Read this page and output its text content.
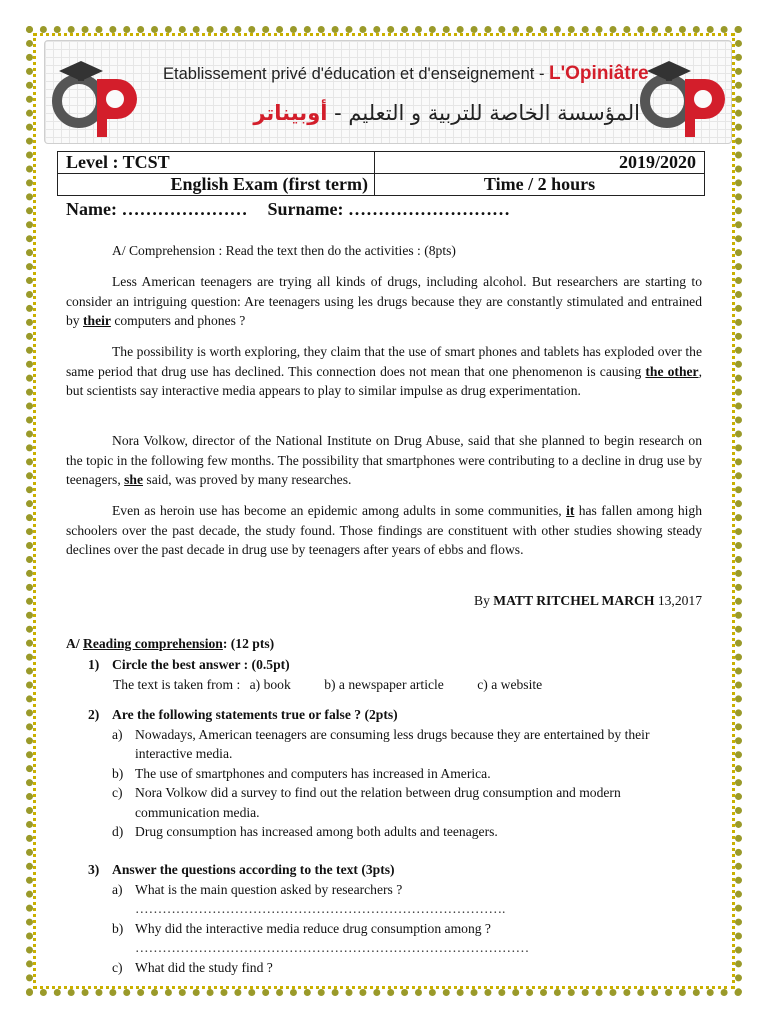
Etablissement privé d'éducation et d'enseignement - L'Opiniâtre
المؤسسة الخاصة للتربية و التعليم - أوبيناتر
Level : TCST	2019/2020
English Exam (first term)	Time / 2 hours
Name: ………………… Surname: ………………………
A/ Comprehension : Read the text then do the activities : (8pts)
Less American teenagers are trying all kinds of drugs, including alcohol. But researchers are starting to consider an intriguing question: Are teenagers using les drugs because they are constantly stimulated and entrained by their computers and phones ?
The possibility is worth exploring, they claim that the use of smart phones and tablets has exploded over the same period that drug use has declined. This connection does not mean that one phenomenon is causing the other, but scientists say interactive media appears to play to similar impulse as drug experimentation.
Nora Volkow, director of the National Institute on Drug Abuse, said that she planned to begin research on the topic in the following few months. The possibility that smartphones were contributing to a decline in drug use by teenagers, she said, was proved by many researches.
Even as heroin use has become an epidemic among adults in some communities, it has fallen among high schoolers over the past decade, the study found. Those findings are constituent with other studies showing steady declines over the past decade in drug use by teenagers after years of ebbs and flows.
By MATT RITCHEL MARCH 13,2017
A/ Reading comprehension: (12 pts)
1) Circle the best answer : (0.5pt)
The text is taken from : a) book b) a newspaper article c) a website
2) Are the following statements true or false ? (2pts)
a) Nowadays, American teenagers are consuming less drugs because they are entertained by their interactive media.
b) The use of smartphones and computers has increased in America.
c) Nora Volkow did a survey to find out the relation between drug consumption and modern communication media.
d) Drug consumption has increased among both adults and teenagers.
3) Answer the questions according to the text (3pts)
a) What is the main question asked by researchers ?
……………………………………………………………………….
b) Why did the interactive media reduce drug consumption among ?
……………………………………………………………………………
c) What did the study find ?
